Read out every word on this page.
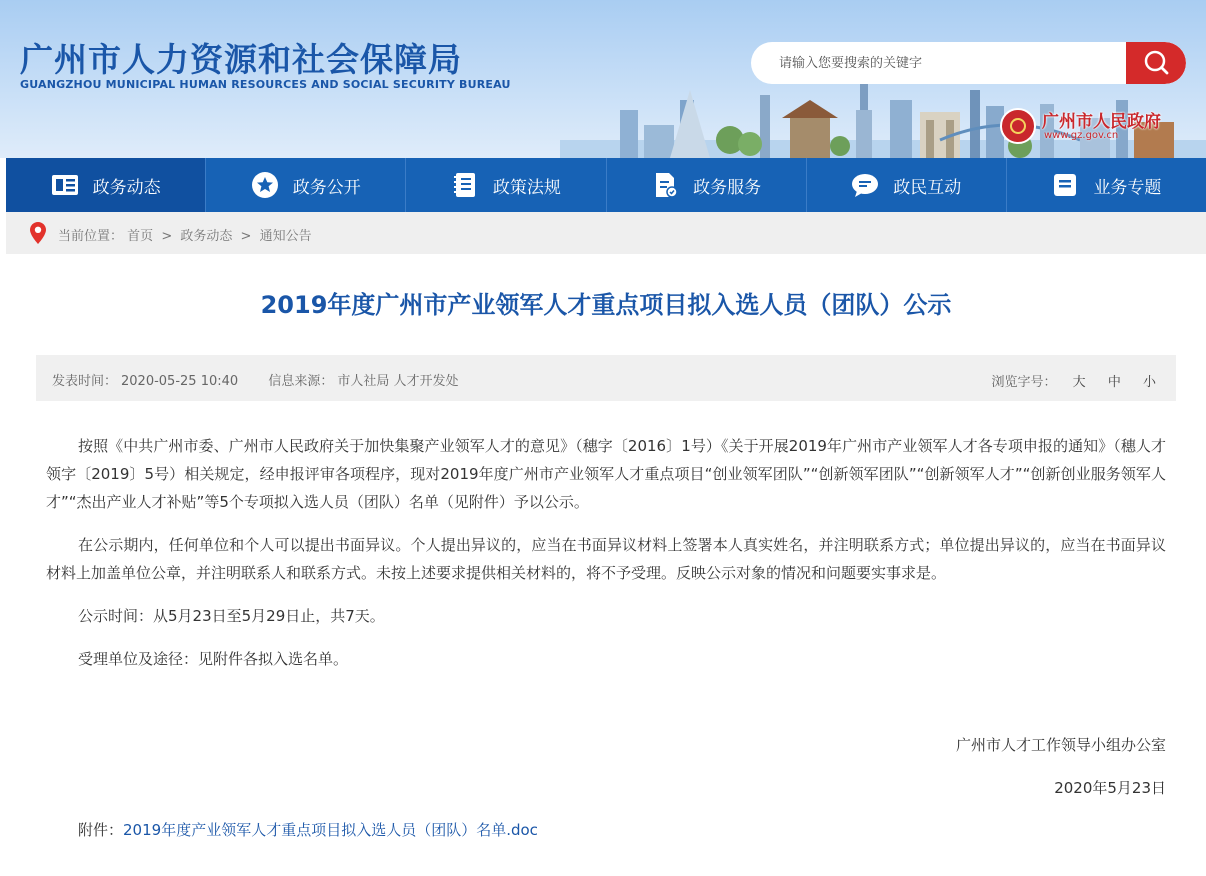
广州市人力资源和社会保障局
GUANGZHOU MUNICIPAL HUMAN RESOURCES AND SOCIAL SECURITY BUREAU
请输入您要搜索的关键字
广州市人民政府
www.gz.gov.cn
政务动态	政务公开	政策法规	政务服务	政民互动	业务专题
当前位置： 首页 > 政务动态 > 通知公告
2019年度广州市产业领军人才重点项目拟入选人员（团队）公示
发表时间： 2020-05-25 10:40 信息来源： 市人社局 人才开发处	浏览字号： 大 中 小

按照《中共广州市委、广州市人民政府关于加快集聚产业领军人才的意见》（穗字〔2016〕1号）《关于开展2019年广州市产业领军人才各专项申报的通知》（穗人才领字〔2019〕5号）相关规定，经申报评审各项程序，现对2019年度广州市产业领军人才重点项目“创业领军团队”“创新领军团队”“创新领军人才”“创新创业服务领军人才”“杰出产业人才补贴”等5个专项拟入选人员（团队）名单（见附件）予以公示。

在公示期内，任何单位和个人可以提出书面异议。个人提出异议的，应当在书面异议材料上签署本人真实姓名，并注明联系方式；单位提出异议的，应当在书面异议材料上加盖单位公章，并注明联系人和联系方式。未按上述要求提供相关材料的，将不予受理。反映公示对象的情况和问题要实事求是。

公示时间：从5月23日至5月29日止，共7天。

受理单位及途径：见附件各拟入选名单。

广州市人才工作领导小组办公室
2020年5月23日
附件：2019年度产业领军人才重点项目拟入选人员（团队）名单.doc
